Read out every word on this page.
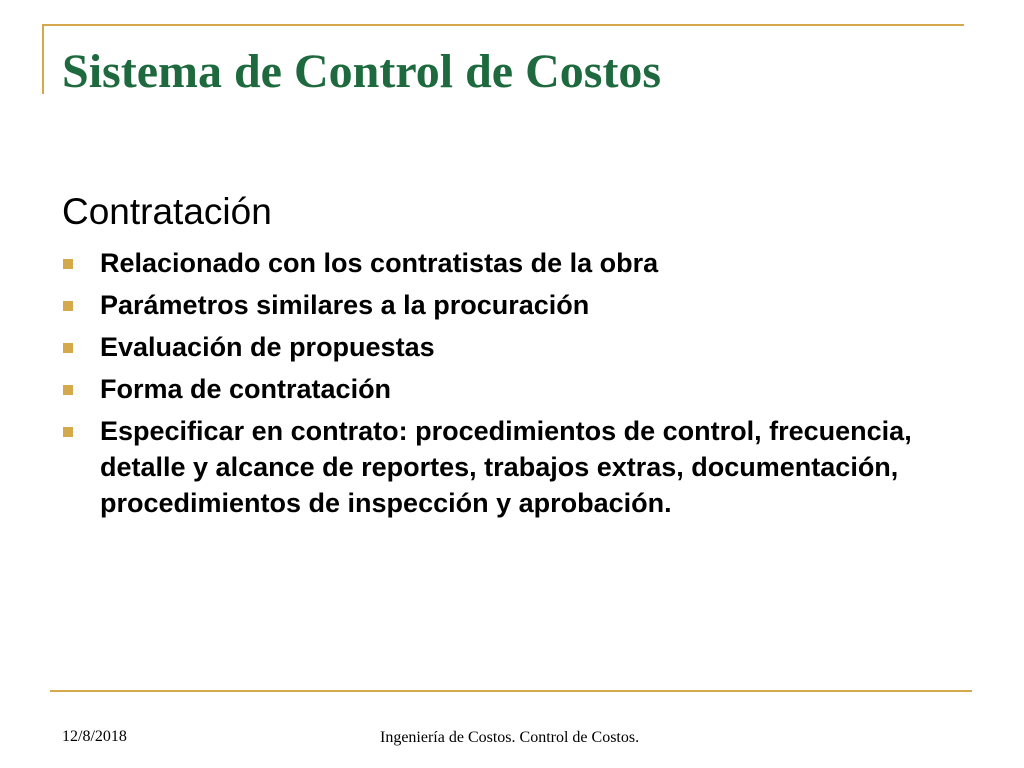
Sistema de Control de Costos
Contratación
Relacionado con los contratistas de la obra
Parámetros similares a la procuración
Evaluación de propuestas
Forma de contratación
Especificar en contrato: procedimientos de control, frecuencia, detalle y alcance de reportes, trabajos extras, documentación, procedimientos de inspección y aprobación.
12/8/2018	Ingeniería de Costos. Control de Costos.
